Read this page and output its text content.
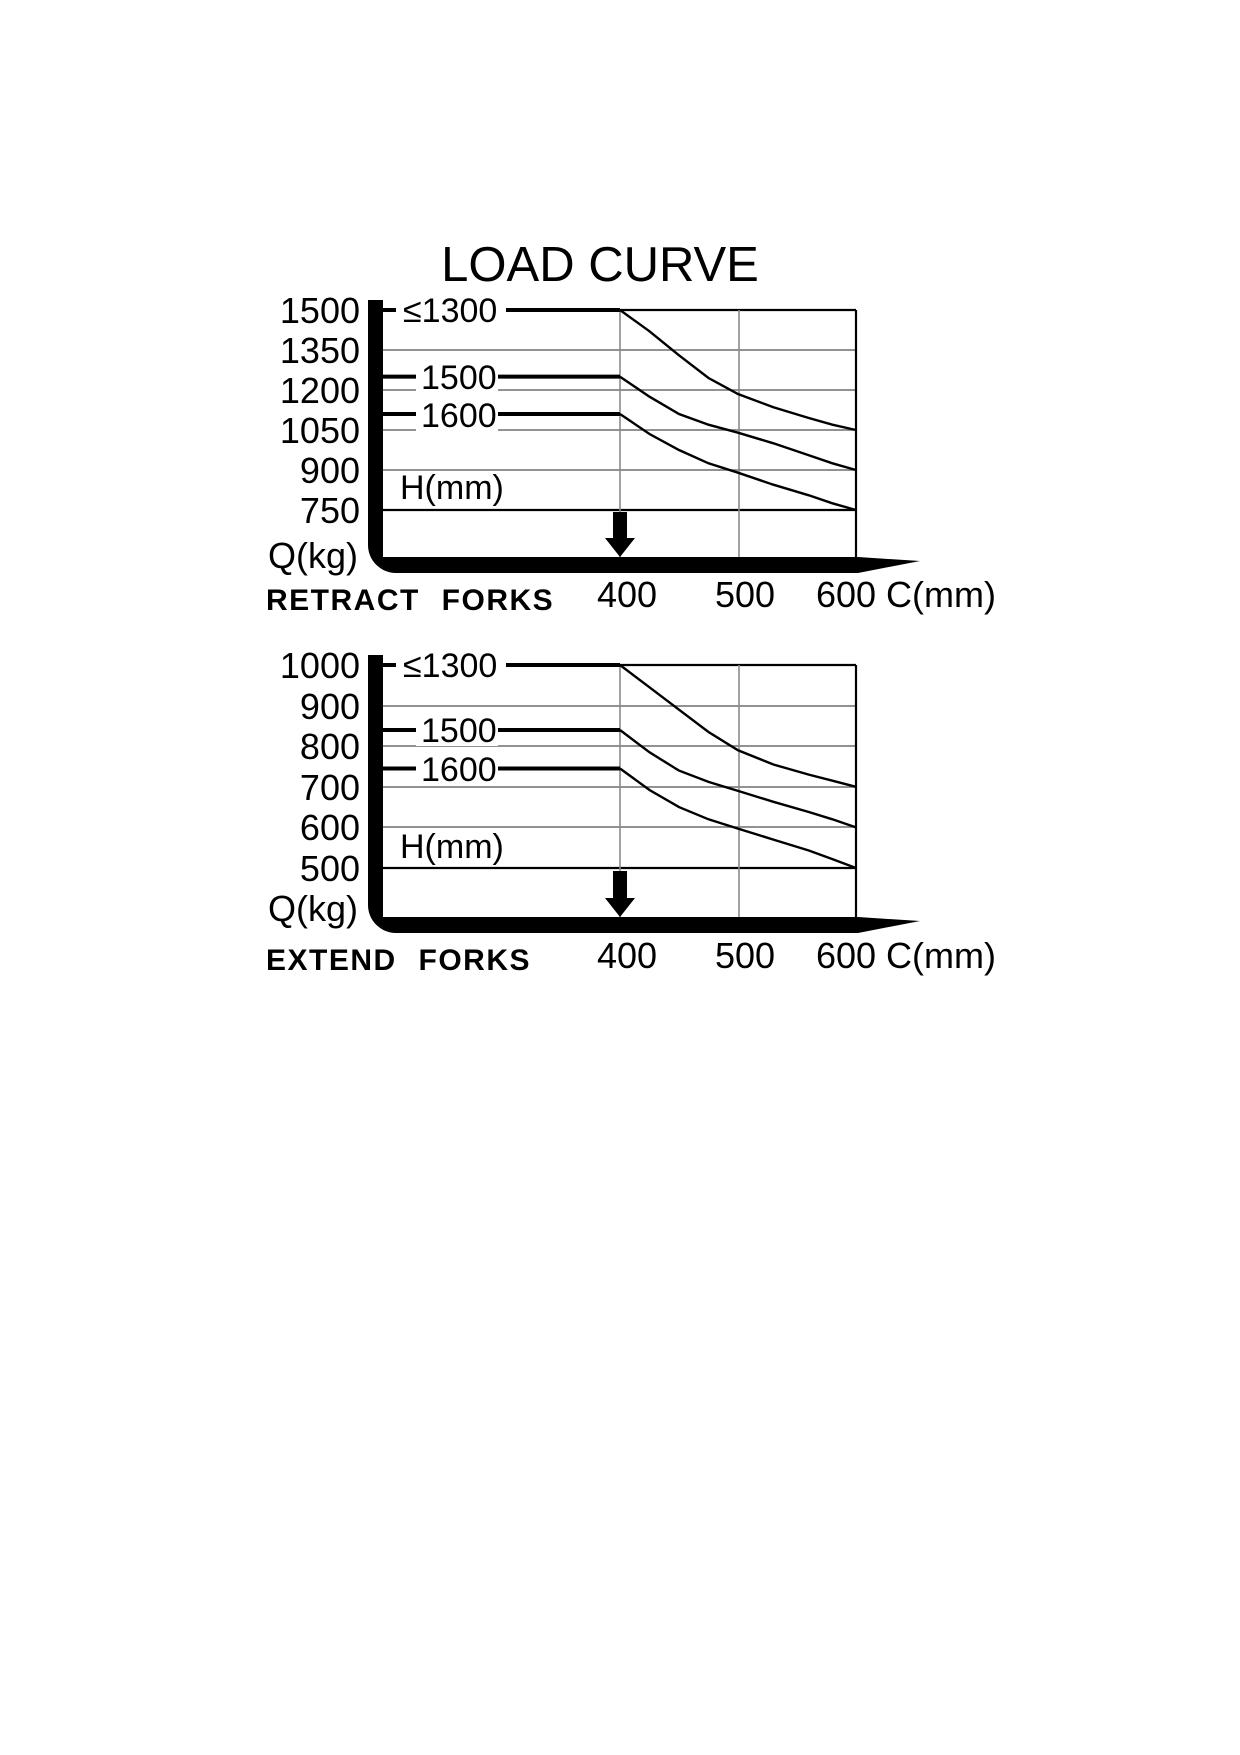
LOAD CURVE
1500
1350
1200
1050
900
750
Q(kg)
≤1300
1500
1600
H(mm)
RETRACT FORKS 400 500 600 C(mm)
1000
900
800
700
600
500
Q(kg)
≤1300
1500
1600
H(mm)
EXTEND FORKS 400 500 600 C(mm)
